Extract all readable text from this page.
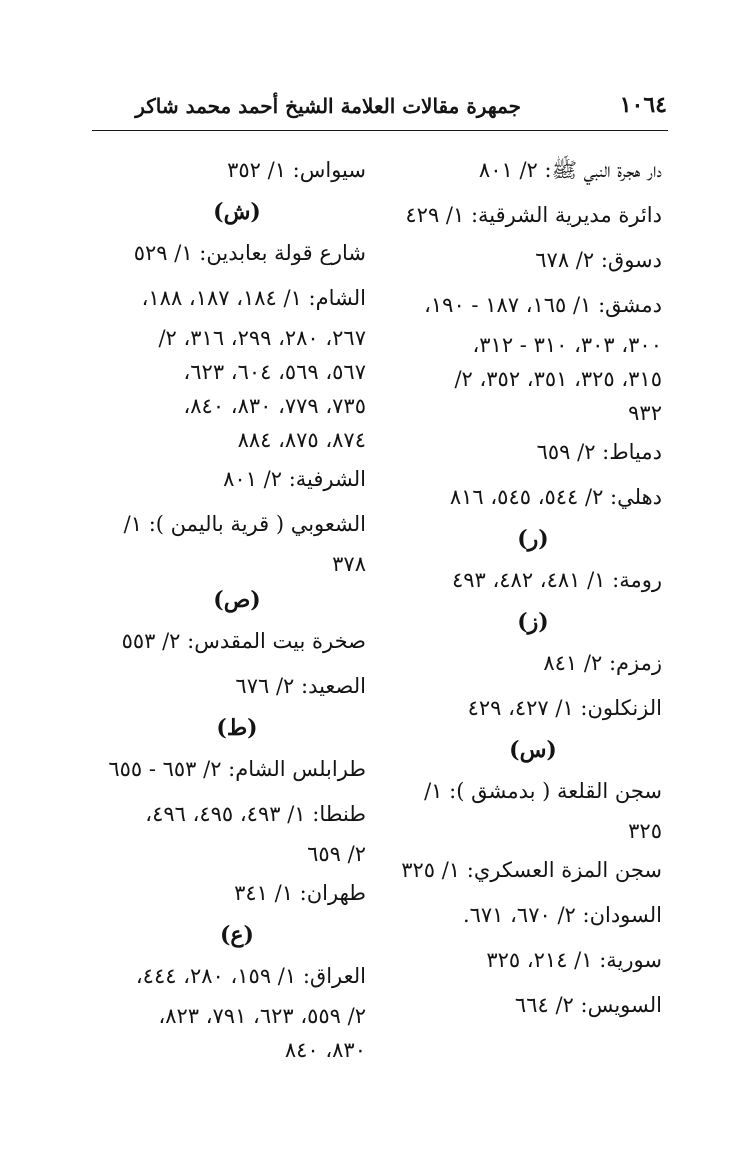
١٠٦٤
جمهرة مقالات العلامة الشيخ أحمد محمد شاكر
دار هجرة النبي ﷺ: ٢/ ٨٠١
دائرة مديرية الشرقية: ١/ ٤٢٩
دسوق: ٢/ ٦٧٨
دمشق: ١/ ١٦٥، ١٨٧ - ١٩٠،
٣٠٠، ٣٠٣، ٣١٠ - ٣١٢،
٣١٥، ٣٢٥، ٣٥١، ٣٥٢، ٢/
٩٣٢
دمياط: ٢/ ٦٥٩
دهلي: ٢/ ٥٤٤، ٥٤٥، ٨١٦
(ر)
رومة: ١/ ٤٨١، ٤٨٢، ٤٩٣
(ز)
زمزم: ٢/ ٨٤١
الزنكلون: ١/ ٤٢٧، ٤٢٩
(س)
سجن القلعة ( بدمشق ): ١/
٣٢٥
سجن المزة العسكري: ١/ ٣٢٥
السودان: ٢/ ٦٧٠، ٦٧١.
سورية: ١/ ٢١٤، ٣٢٥
السويس: ٢/ ٦٦٤
سيواس: ١/ ٣٥٢
(ش)
شارع قولة بعابدين: ١/ ٥٢٩
الشام: ١/ ١٨٤، ١٨٧، ١٨٨،
٢٦٧، ٢٨٠، ٢٩٩، ٣١٦، ٢/
٥٦٧، ٥٦٩، ٦٠٤، ٦٢٣،
٧٣٥، ٧٧٩، ٨٣٠، ٨٤٠،
٨٧٤، ٨٧٥، ٨٨٤
الشرفية: ٢/ ٨٠١
الشعوبي ( قرية باليمن ): ١/
٣٧٨
(ص)
صخرة بيت المقدس: ٢/ ٥٥٣
الصعيد: ٢/ ٦٧٦
(ط)
طرابلس الشام: ٢/ ٦٥٣ - ٦٥٥
طنطا: ١/ ٤٩٣، ٤٩٥، ٤٩٦،
٢/ ٦٥٩
طهران: ١/ ٣٤١
(ع)
العراق: ١/ ١٥٩، ٢٨٠، ٤٤٤،
٢/ ٥٥٩، ٦٢٣، ٧٩١، ٨٢٣،
٨٣٠، ٨٤٠
